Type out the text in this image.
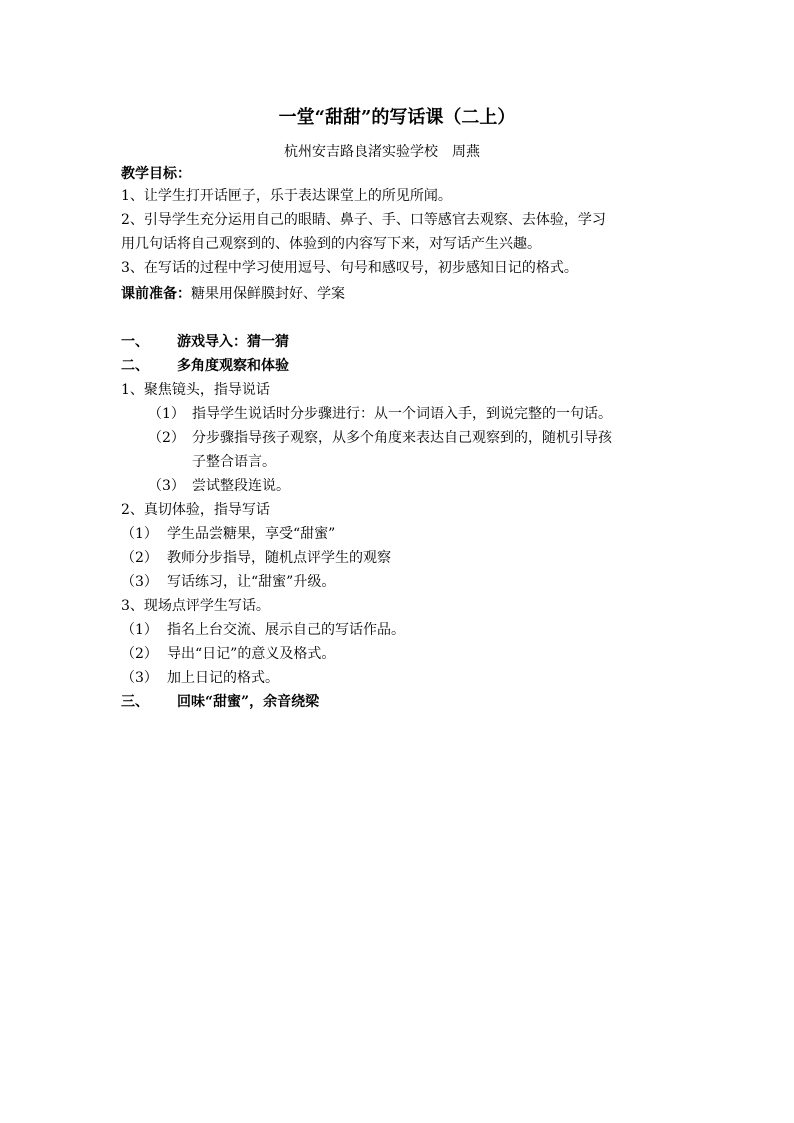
一堂“甜甜”的写话课（二上）
杭州安吉路良渚实验学校 周燕
教学目标：
1、让学生打开话匣子，乐于表达课堂上的所见所闻。
2、引导学生充分运用自己的眼睛、鼻子、手、口等感官去观察、去体验，学习
用几句话将自己观察到的、体验到的内容写下来，对写话产生兴趣。
3、在写话的过程中学习使用逗号、句号和感叹号，初步感知日记的格式。
课前准备：糖果用保鲜膜封好、学案
一、 游戏导入：猜一猜
二、 多角度观察和体验
1、聚焦镜头，指导说话
（1） 指导学生说话时分步骤进行：从一个词语入手，到说完整的一句话。
（2） 分步骤指导孩子观察，从多个角度来表达自己观察到的，随机引导孩
子整合语言。
（3） 尝试整段连说。
2、真切体验，指导写话
（1） 学生品尝糖果，享受“甜蜜”
（2） 教师分步指导，随机点评学生的观察
（3） 写话练习，让“甜蜜”升级。
3、现场点评学生写话。
（1） 指名上台交流、展示自己的写话作品。
（2） 导出“日记”的意义及格式。
（3） 加上日记的格式。
三、 回味“甜蜜”，余音绕梁
